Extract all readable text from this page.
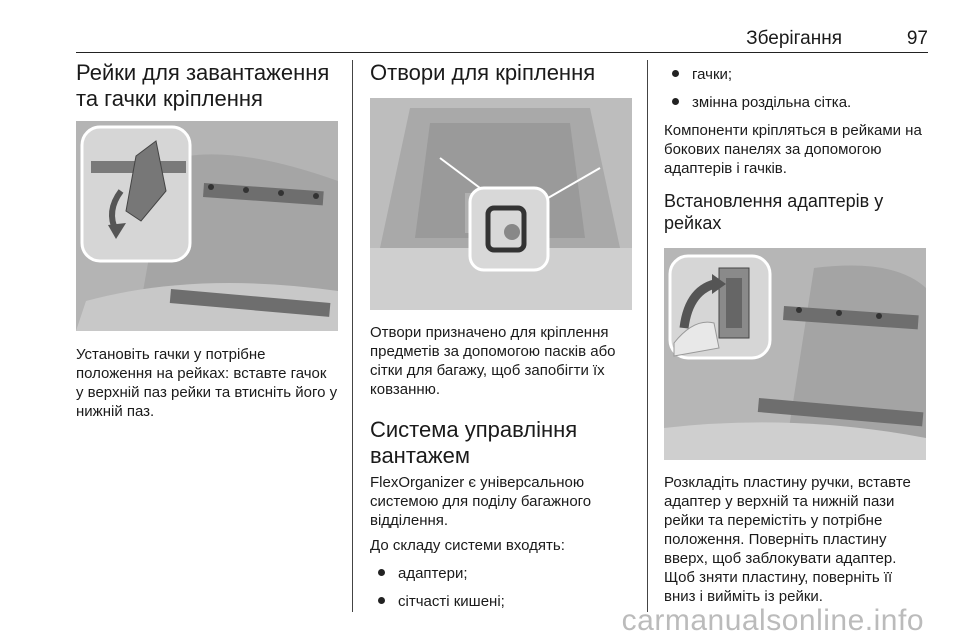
Зберігання	97
Рейки для завантаження та гачки кріплення

Установіть гачки у потрібне положення на рейках: вставте гачок у верхній паз рейки та втисніть його у нижній паз.

Отвори для кріплення

Отвори призначено для кріплення предметів за допомогою пасків або сітки для багажу, щоб запобігти їх ковзанню.

Система управління вантажем

FlexOrganizer є універсальною системою для поділу багажного відділення.

До складу системи входять:

адаптери;
сітчасті кишені;
гачки;
змінна роздільна сітка.

Компоненти кріпляться в рейками на бокових панелях за допомогою адаптерів і гачків.

Встановлення адаптерів у рейках

Розкладіть пластину ручки, вставте адаптер у верхній та нижній пази рейки та перемістіть у потрібне положення. Поверніть пластину вверх, щоб заблокувати адаптер. Щоб зняти пластину, поверніть її вниз і вийміть із рейки.

carmanualsonline.info
